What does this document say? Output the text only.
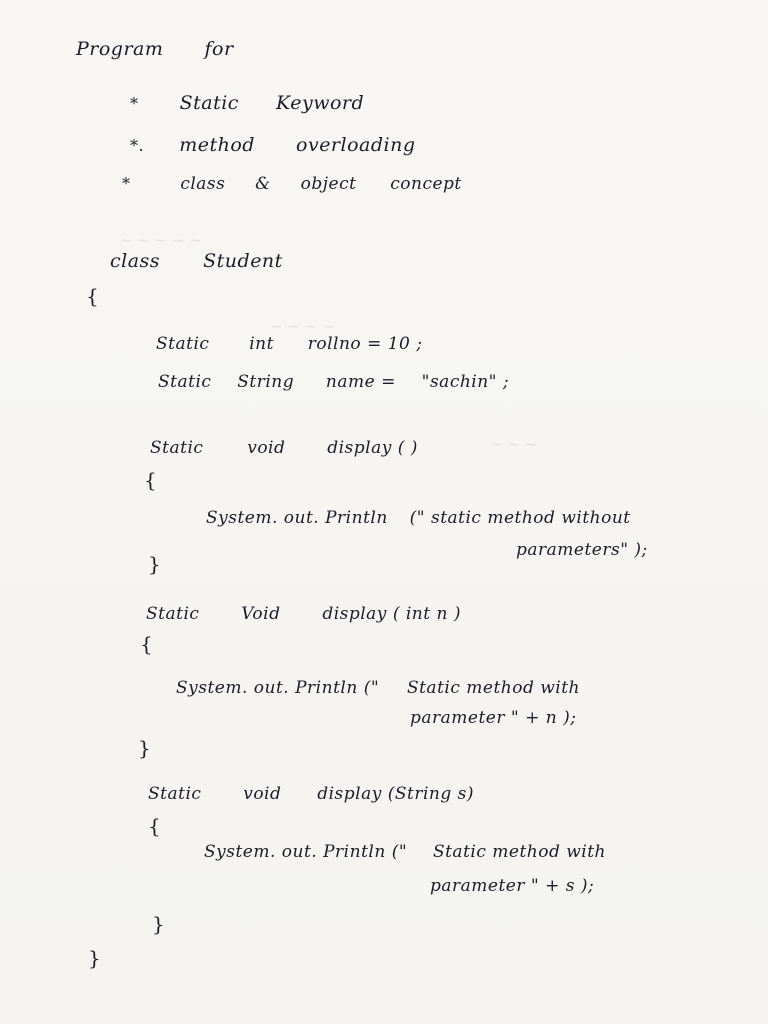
~ ~ ~ ~ ~
~ ~ ~ ~
~ ~ ~
Program for
* Static Keyword
*. method overloading
*	class & object concept
class Student
{
Static int rollno = 10 ;
Static String name = "sachin" ;
Static	void display ( )
{
System. out. Println (" static method without
parameters" );
}
Static Void display ( int n )
{
System. out. Println (" Static method with
parameter " + n );
}
Static void display (String s)
{
System. out. Println (" Static method with
parameter " + s );
}
}
